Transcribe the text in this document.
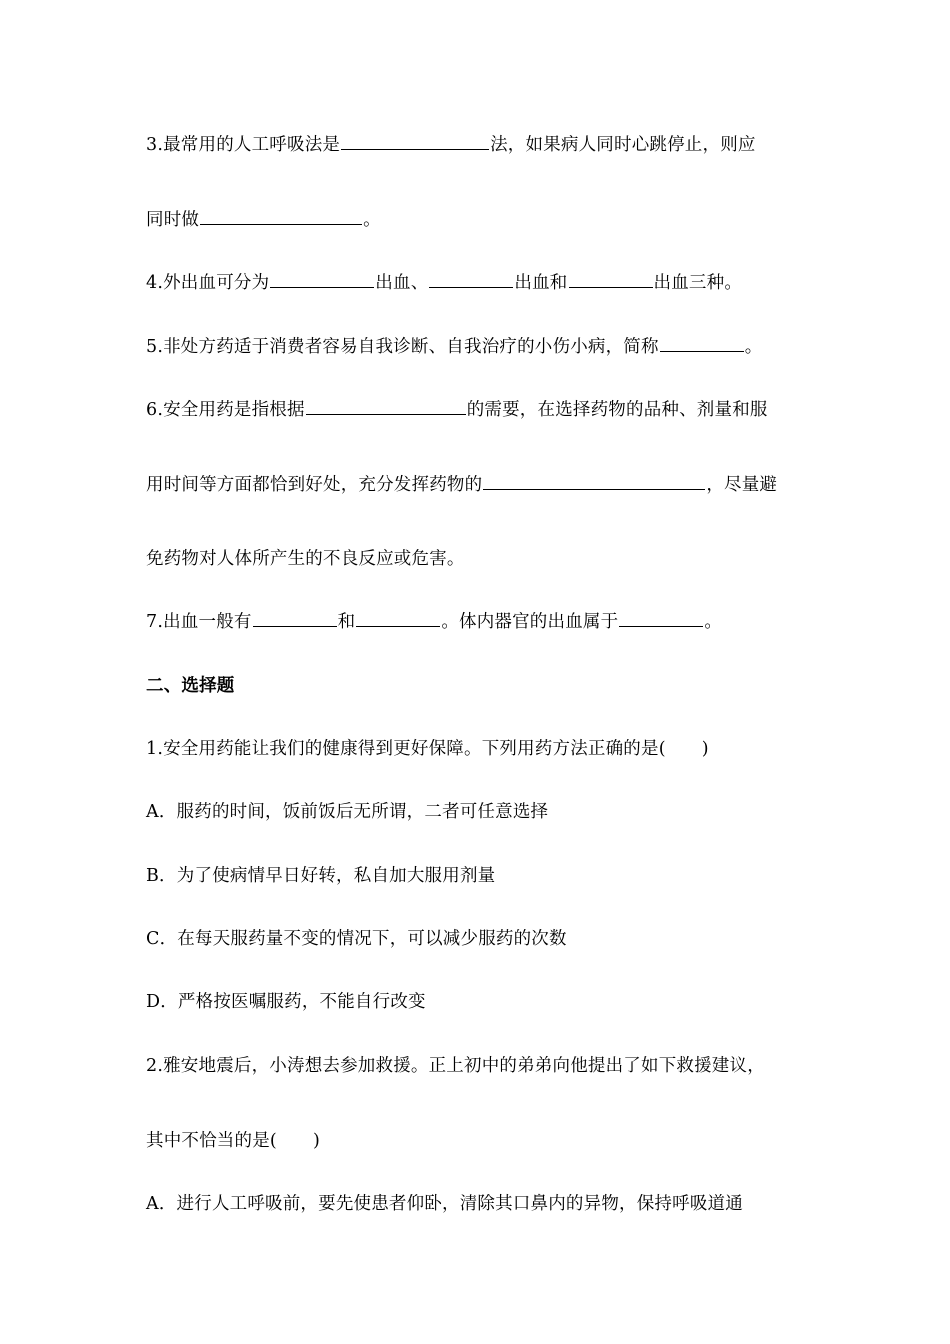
3.最常用的人工呼吸法是	法，如果病人同时心跳停止，则应
同时做	。
4.外出血可分为	出血、	出血和	出血三种。
5.非处方药适于消费者容易自我诊断、自我治疗的小伤小病，简称	。
6.安全用药是指根据	的需要，在选择药物的品种、剂量和服
用时间等方面都恰到好处，充分发挥药物的	，尽量避
免药物对人体所产生的不良反应或危害。
7.出血一般有	和	。体内器官的出血属于	。
二、选择题
1.安全用药能让我们的健康得到更好保障。下列用药方法正确的是( )
A．服药的时间，饭前饭后无所谓，二者可任意选择
B．为了使病情早日好转，私自加大服用剂量
C．在每天服药量不变的情况下，可以减少服药的次数
D．严格按医嘱服药，不能自行改变
2.雅安地震后，小涛想去参加救援。正上初中的弟弟向他提出了如下救援建议，
其中不恰当的是( )
A．进行人工呼吸前，要先使患者仰卧，清除其口鼻内的异物，保持呼吸道通
